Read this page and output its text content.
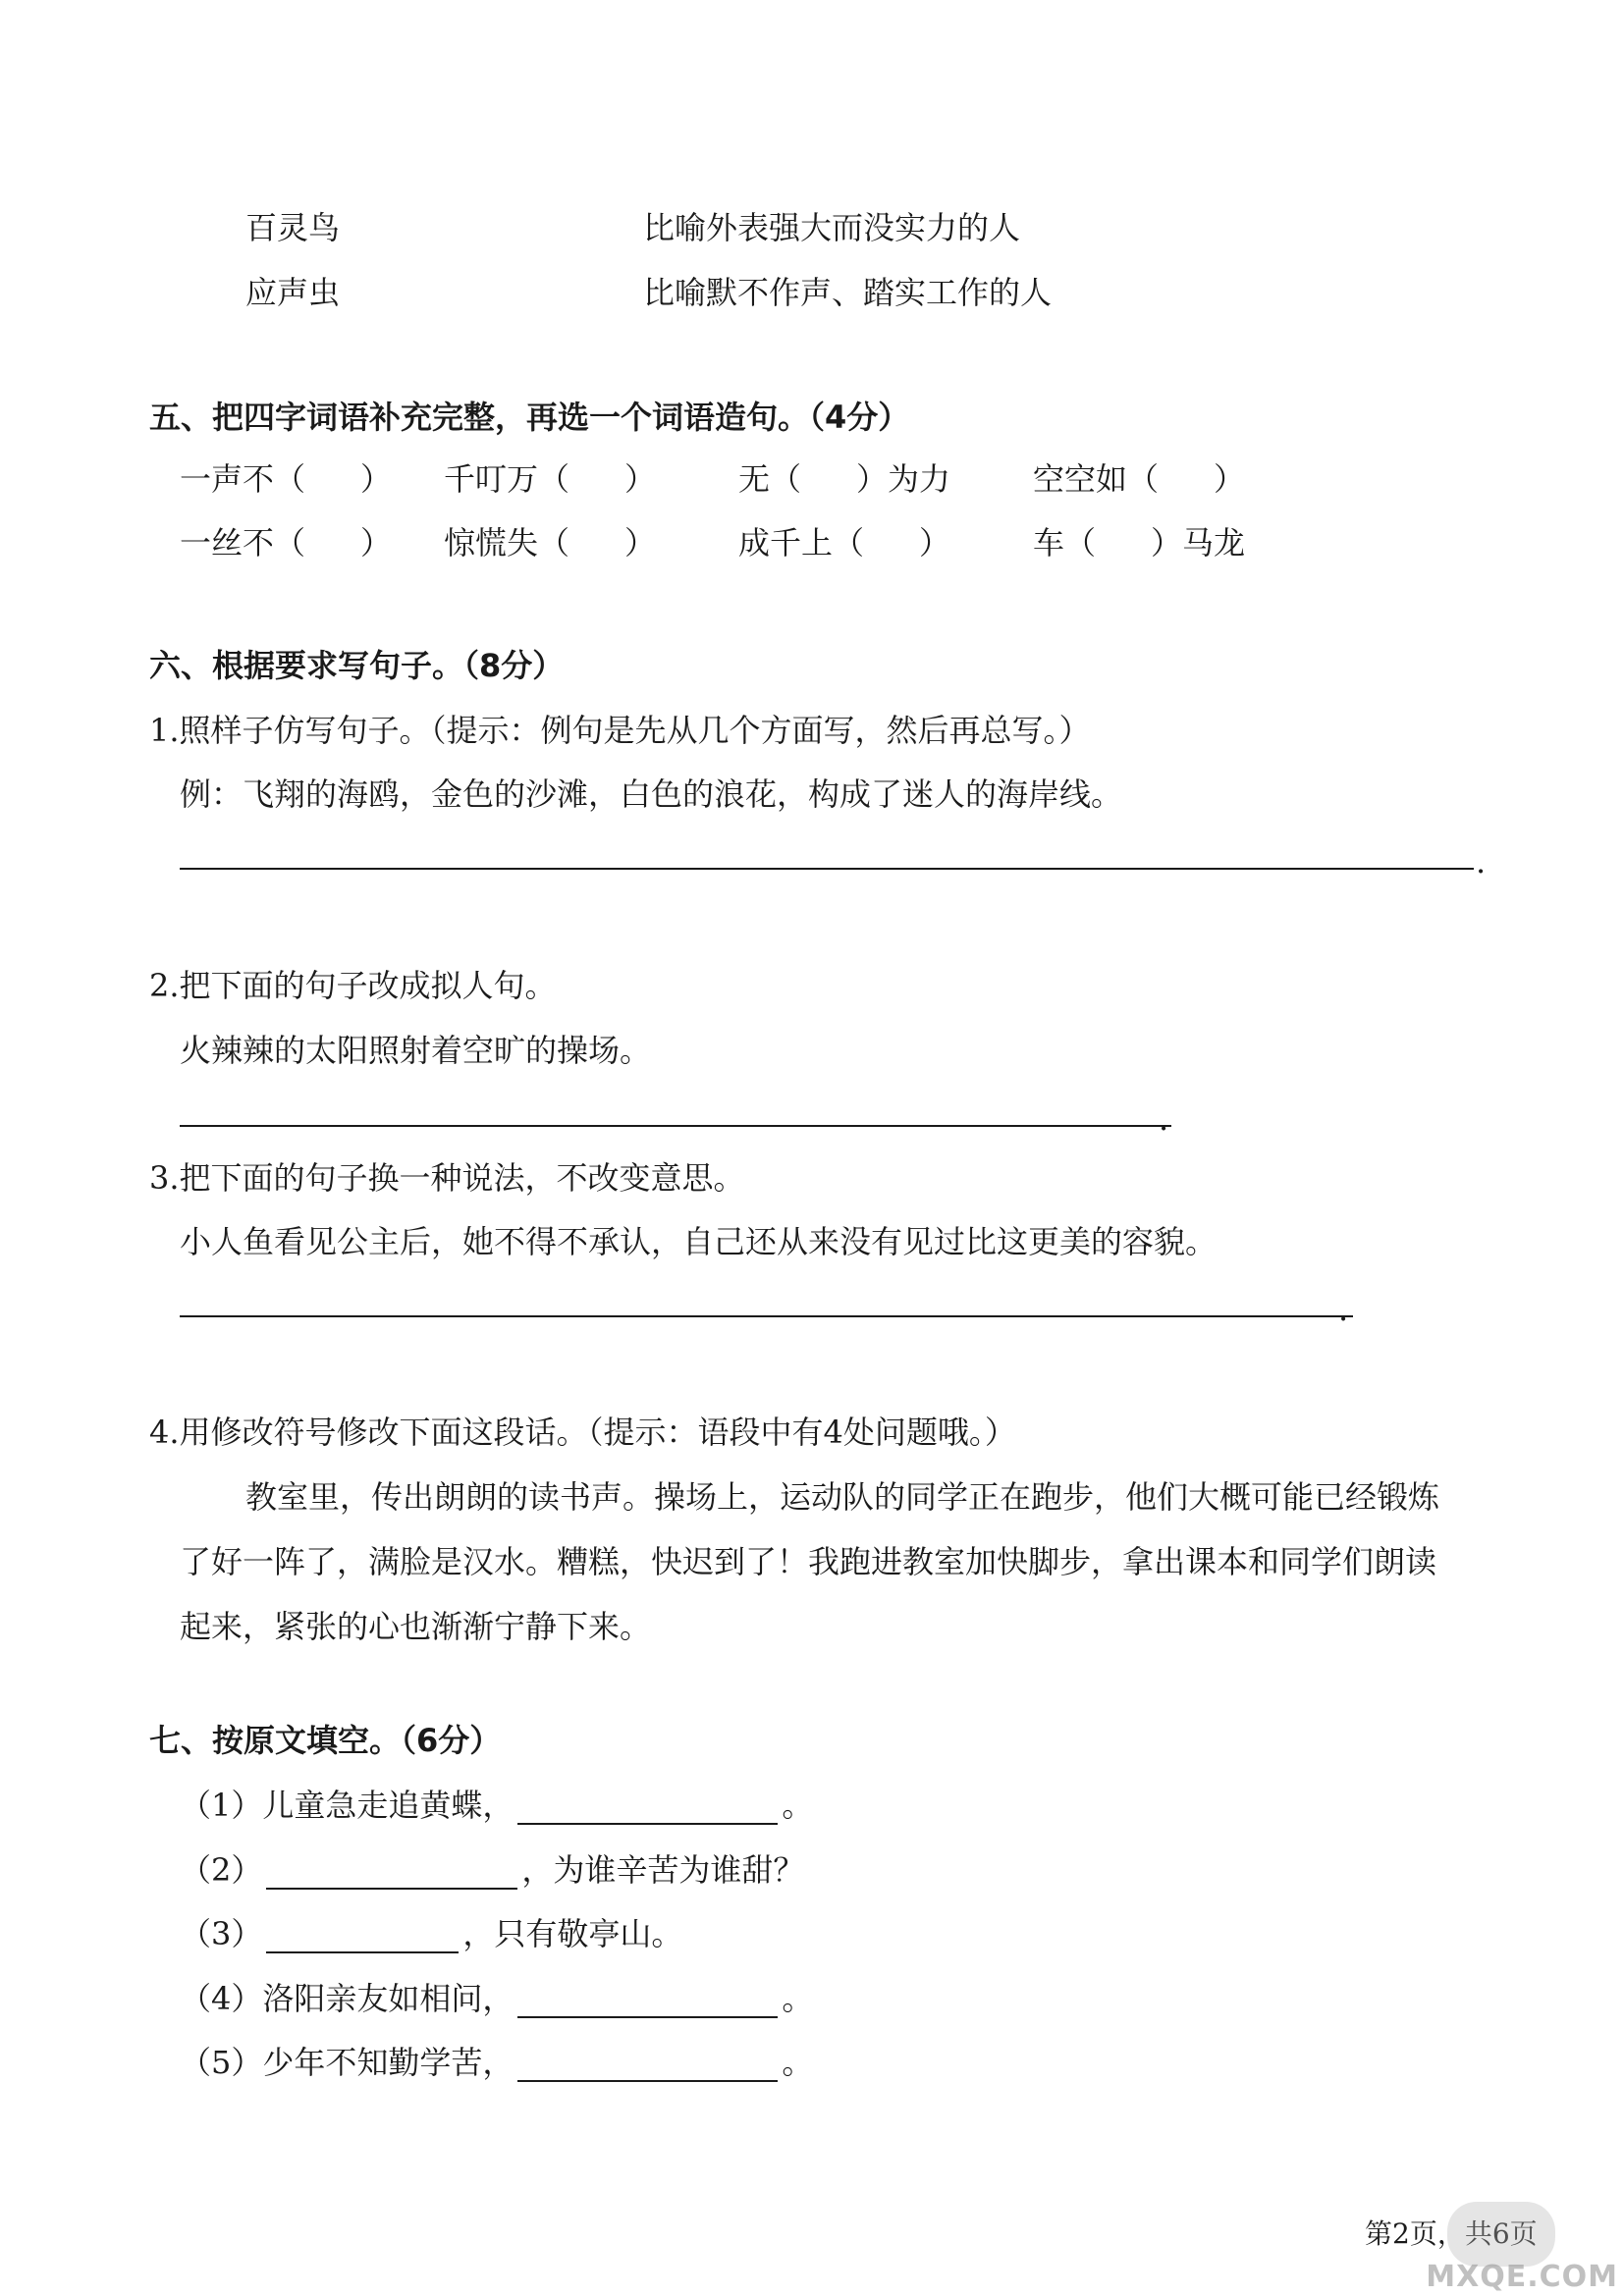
百灵鸟	比喻外表强大而没实力的人
应声虫	比喻默不作声、踏实工作的人
五、把四字词语补充完整，再选一个词语造句。（4分）
一声不（ ） 千叮万（ ）	无（ ）为力	空空如（ ）
一丝不（ ） 惊慌失（ ）	成千上（ ）	车（ ）马龙
六、根据要求写句子。（8分）
1.照样子仿写句子。（提示：例句是先从几个方面写，然后再总写。）
例：飞翔的海鸥，金色的沙滩，白色的浪花，构成了迷人的海岸线。
.
2.把下面的句子改成拟人句。
火辣辣的太阳照射着空旷的操场。
.
3.把下面的句子换一种说法，不改变意思。
小人鱼看见公主后，她不得不承认，自己还从来没有见过比这更美的容貌。
.
4.用修改符号修改下面这段话。（提示：语段中有4处问题哦。）
教室里，传出朗朗的读书声。操场上，运动队的同学正在跑步，他们大概可能已经锻炼
了好一阵了，满脸是汉水。糟糕，快迟到了！我跑进教室加快脚步，拿出课本和同学们朗读
起来，紧张的心也渐渐宁静下来。
七、按原文填空。（6分）
（1） 儿童急走追黄蝶，	。
（2）	，为谁辛苦为谁甜？
（3）	，只有敬亭山。
（4） 洛阳亲友如相问，	。
（5） 少年不知勤学苦，	。
第2页，共6页
MXQE.COM
